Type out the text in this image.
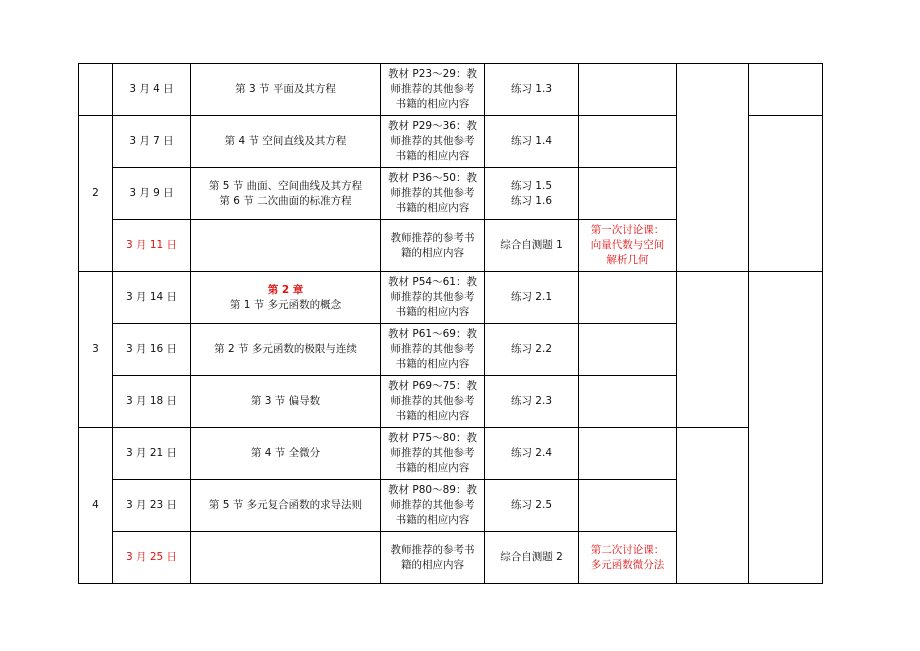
	3 月 4 日	第 3 节 平面及其方程	教材 P23～29：教
师推荐的其他参考
书籍的相应内容	练习 1.3			

2	3 月 7 日	第 4 节 空间直线及其方程	教材 P29～36：教
师推荐的其他参考
书籍的相应内容	练习 1.4			

	3 月 9 日	第 5 节 曲面、空间曲线及其方程
第 6 节 二次曲面的标准方程	教材 P36～50：教
师推荐的其他参考
书籍的相应内容	练习 1.5
练习 1.6			

	3 月 11 日		教师推荐的参考书
籍的相应内容	综合自测题 1	第一次讨论课：
向量代数与空间
解析几何		

3	3 月 14 日	第 2 章
第 1 节 多元函数的概念	教材 P54～61：教
师推荐的其他参考
书籍的相应内容	练习 2.1			

	3 月 16 日	第 2 节 多元函数的极限与连续	教材 P61～69：教
师推荐的其他参考
书籍的相应内容	练习 2.2			

	3 月 18 日	第 3 节 偏导数	教材 P69～75：教
师推荐的其他参考
书籍的相应内容	练习 2.3			

4	3 月 21 日	第 4 节 全微分	教材 P75～80：教
师推荐的其他参考
书籍的相应内容	练习 2.4			

	3 月 23 日	第 5 节 多元复合函数的求导法则	教材 P80～89：教
师推荐的其他参考
书籍的相应内容	练习 2.5			

	3 月 25 日		教师推荐的参考书
籍的相应内容	综合自测题 2	第二次讨论课：
多元函数微分法		
